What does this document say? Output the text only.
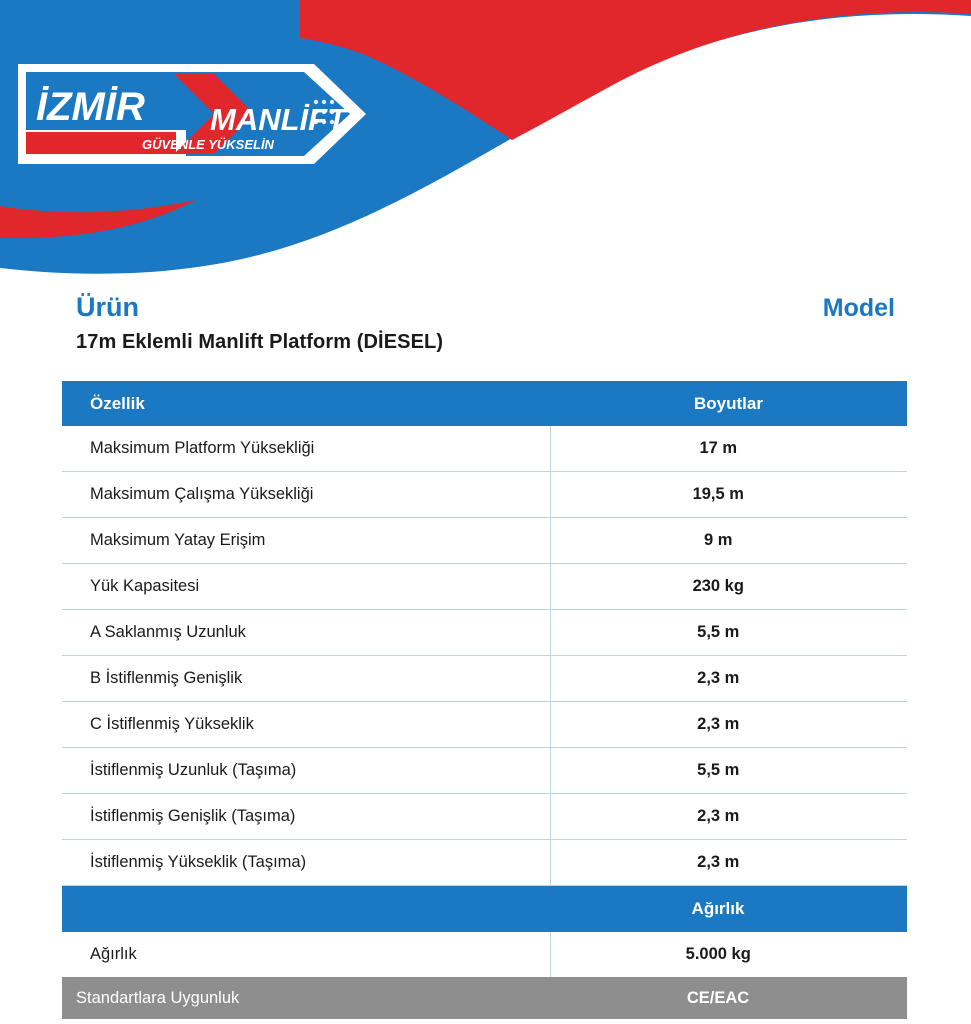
İZMİR MANLİFT
GÜVENLE YÜKSELİN
Ürün	Model
17m Eklemli Manlift Platform (DİESEL)
Özellik	Boyutlar
Maksimum Platform Yüksekliği	17 m
Maksimum Çalışma Yüksekliği	19,5 m
Maksimum Yatay Erişim	9 m
Yük Kapasitesi	230 kg
A Saklanmış Uzunluk	5,5 m
B İstiflenmiş Genişlik	2,3 m
C İstiflenmiş Yükseklik	2,3 m
İstiflenmiş Uzunluk (Taşıma)	5,5 m
İstiflenmiş Genişlik (Taşıma)	2,3 m
İstiflenmiş Yükseklik (Taşıma)	2,3 m
	Ağırlık
Ağırlık	5.000 kg
Standartlara Uygunluk	CE/EAC
